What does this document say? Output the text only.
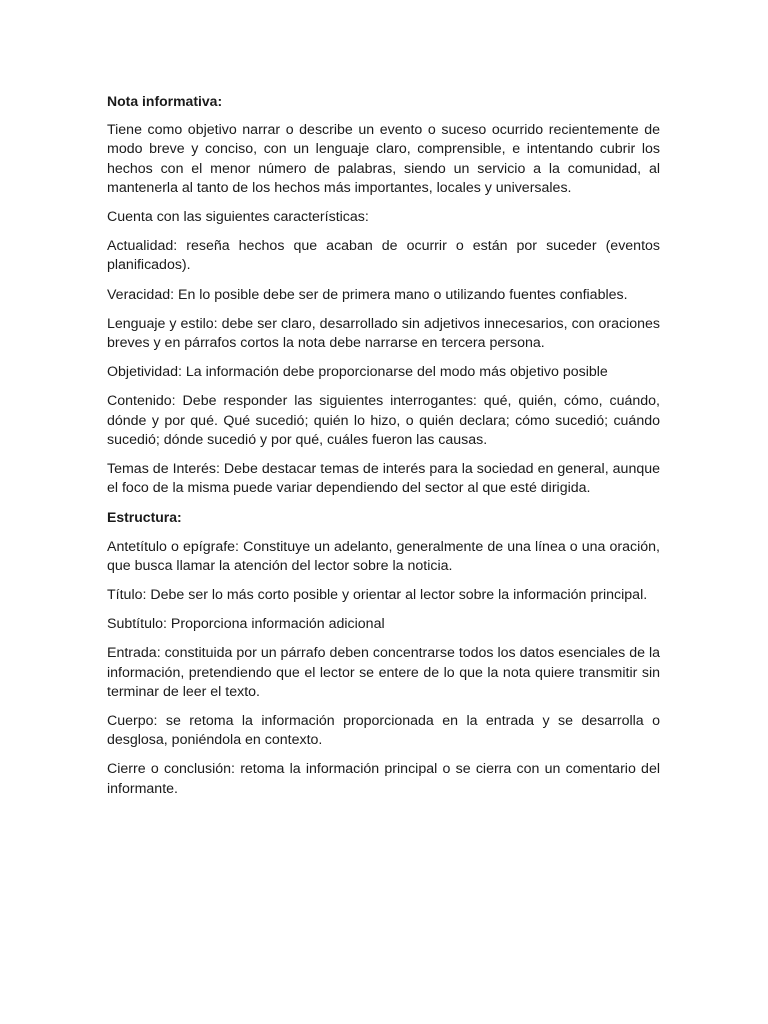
Nota informativa:

Tiene como objetivo narrar o describe un evento o suceso ocurrido recientemente de modo breve y conciso, con un lenguaje claro, comprensible, e intentando cubrir los hechos con el menor número de palabras, siendo un servicio a la comunidad, al mantenerla al tanto de los hechos más importantes, locales y universales.

Cuenta con las siguientes características:

Actualidad: reseña hechos que acaban de ocurrir o están por suceder (eventos planificados).

Veracidad: En lo posible debe ser de primera mano o utilizando fuentes confiables.

Lenguaje y estilo: debe ser claro, desarrollado sin adjetivos innecesarios, con oraciones breves y en párrafos cortos la nota debe narrarse en tercera persona.

Objetividad: La información debe proporcionarse del modo más objetivo posible

Contenido: Debe responder las siguientes interrogantes: qué, quién, cómo, cuándo, dónde y por qué. Qué sucedió; quién lo hizo, o quién declara; cómo sucedió; cuándo sucedió; dónde sucedió y por qué, cuáles fueron las causas.

Temas de Interés: Debe destacar temas de interés para la sociedad en general, aunque el foco de la misma puede variar dependiendo del sector al que esté dirigida.

Estructura:

Antetítulo o epígrafe: Constituye un adelanto, generalmente de una línea o una oración, que busca llamar la atención del lector sobre la noticia.

Título: Debe ser lo más corto posible y orientar al lector sobre la información principal.

Subtítulo: Proporciona información adicional

Entrada: constituida por un párrafo deben concentrarse todos los datos esenciales de la información, pretendiendo que el lector se entere de lo que la nota quiere transmitir sin terminar de leer el texto.

Cuerpo: se retoma la información proporcionada en la entrada y se desarrolla o desglosa, poniéndola en contexto.

Cierre o conclusión: retoma la información principal o se cierra con un comentario del informante.
